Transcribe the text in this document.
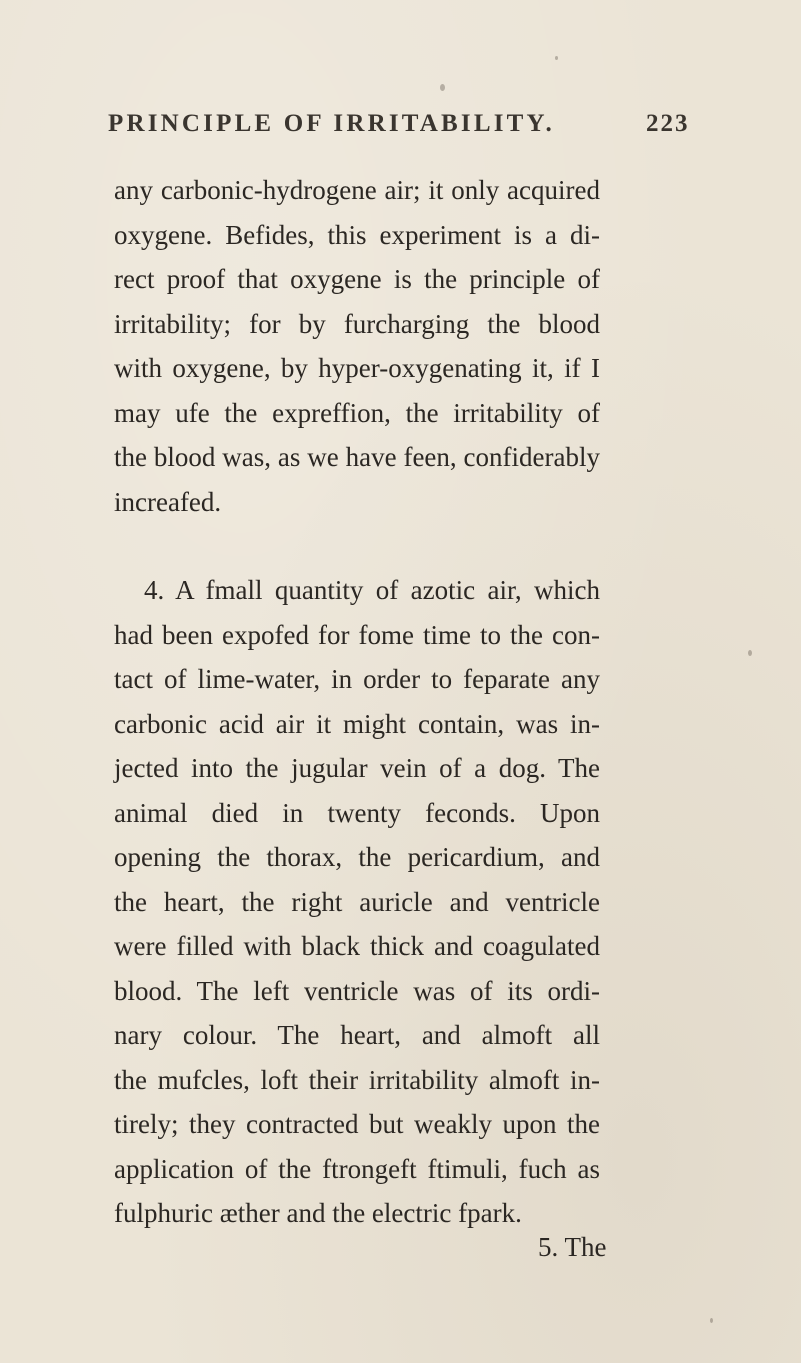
PRINCIPLE OF IRRITABILITY.	223
any carbonic-hydrogene air; it only acquired
oxygene. Befides, this experiment is a di-
rect proof that oxygene is the principle of
irritability; for by furcharging the blood
with oxygene, by hyper-oxygenating it, if I
may ufe the expreffion, the irritability of
the blood was, as we have feen, confiderably
increafed.
4. A fmall quantity of azotic air, which
had been expofed for fome time to the con-
tact of lime-water, in order to feparate any
carbonic acid air it might contain, was in-
jected into the jugular vein of a dog. The
animal died in twenty feconds. Upon
opening the thorax, the pericardium, and
the heart, the right auricle and ventricle
were filled with black thick and coagulated
blood. The left ventricle was of its ordi-
nary colour. The heart, and almoft all
the mufcles, loft their irritability almoft in-
tirely; they contracted but weakly upon the
application of the ftrongeft ftimuli, fuch as
fulphuric æther and the electric fpark.
5. The
